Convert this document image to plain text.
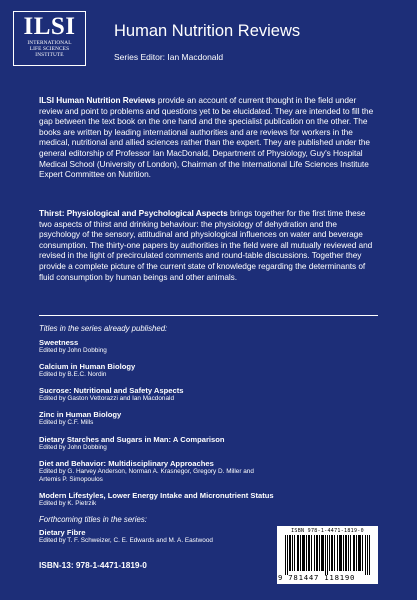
ILSI
INTERNATIONAL
LIFE SCIENCES
INSTITUTE
Human Nutrition Reviews
Series Editor: Ian Macdonald
ILSI Human Nutrition Reviews provide an account of current thought in the field under review and point to problems and questions yet to be elucidated. They are intended to fill the gap between the text book on the one hand and the specialist publication on the other. The books are written by leading international authorities and are reviews for workers in the medical, nutritional and allied sciences rather than the expert. They are published under the general editorship of Professor Ian MacDonald, Department of Physiology, Guy's Hospital Medical School (University of London), Chairman of the International Life Sciences Institute Expert Committee on Nutrition.
Thirst: Physiological and Psychological Aspects brings together for the first time these two aspects of thirst and drinking behaviour: the physiology of dehydration and the psychology of the sensory, attitudinal and physiological influences on water and beverage consumption. The thirty-one papers by authorities in the field were all mutually reviewed and revised in the light of precirculated comments and round-table discussions. Together they provide a complete picture of the current state of knowledge regarding the determinants of fluid consumption by human beings and other animals.
Titles in the series already published:
Sweetness
Edited by John Dobbing
Calcium in Human Biology
Edited by B.E.C. Nordin
Sucrose: Nutritional and Safety Aspects
Edited by Gaston Vettorazzi and Ian Macdonald
Zinc in Human Biology
Edited by C.F. Mills
Dietary Starches and Sugars in Man: A Comparison
Edited by John Dobbing
Diet and Behavior: Multidisciplinary Approaches
Edited by G. Harvey Anderson, Norman A. Krasnegor, Gregory D. Miller and
Artemis P. Simopoulos
Modern Lifestyles, Lower Energy Intake and Micronutrient Status
Edited by K. Pietrzik
Forthcoming titles in the series:
Dietary Fibre
Edited by T. F. Schweizer, C. E. Edwards and M. A. Eastwood
ISBN-13: 978-1-4471-1819-0
ISBN 978-1-4471-1819-0
9 781447 118190
